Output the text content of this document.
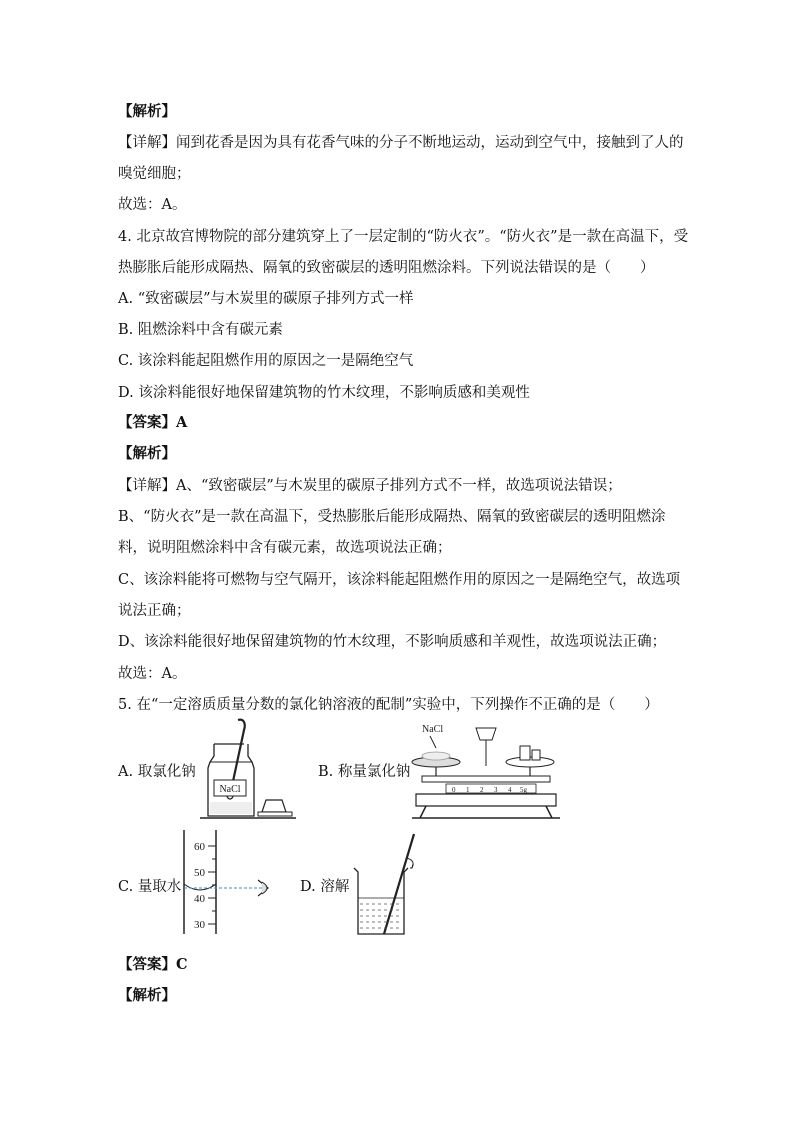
【解析】
【详解】闻到花香是因为具有花香气味的分子不断地运动，运动到空气中，接触到了人的
嗅觉细胞；
故选：A。
4. 北京故宫博物院的部分建筑穿上了一层定制的“防火衣”。“防火衣”是一款在高温下，受
热膨胀后能形成隔热、隔氧的致密碳层的透明阻燃涂料。下列说法错误的是（　　）
A. “致密碳层”与木炭里的碳原子排列方式一样
B. 阻燃涂料中含有碳元素
C. 该涂料能起阻燃作用的原因之一是隔绝空气
D. 该涂料能很好地保留建筑物的竹木纹理，不影响质感和美观性
【答案】A
【解析】
【详解】A、“致密碳层”与木炭里的碳原子排列方式不一样，故选项说法错误；
B、“防火衣”是一款在高温下，受热膨胀后能形成隔热、隔氧的致密碳层的透明阻燃涂
料，说明阻燃涂料中含有碳元素，故选项说法正确；
C、该涂料能将可燃物与空气隔开，该涂料能起阻燃作用的原因之一是隔绝空气，故选项
说法正确；
D、该涂料能很好地保留建筑物的竹木纹理，不影响质感和羊观性，故选项说法正确；
故选：A。
5. 在“一定溶质质量分数的氯化钠溶液的配制”实验中，下列操作不正确的是（　　）
A. 取氯化钠	B. 称量氯化钠
C. 量取水	D. 溶解
NaCl
NaCl
0 1 2 3 4 5g
60
50
40
30
【答案】C
【解析】
